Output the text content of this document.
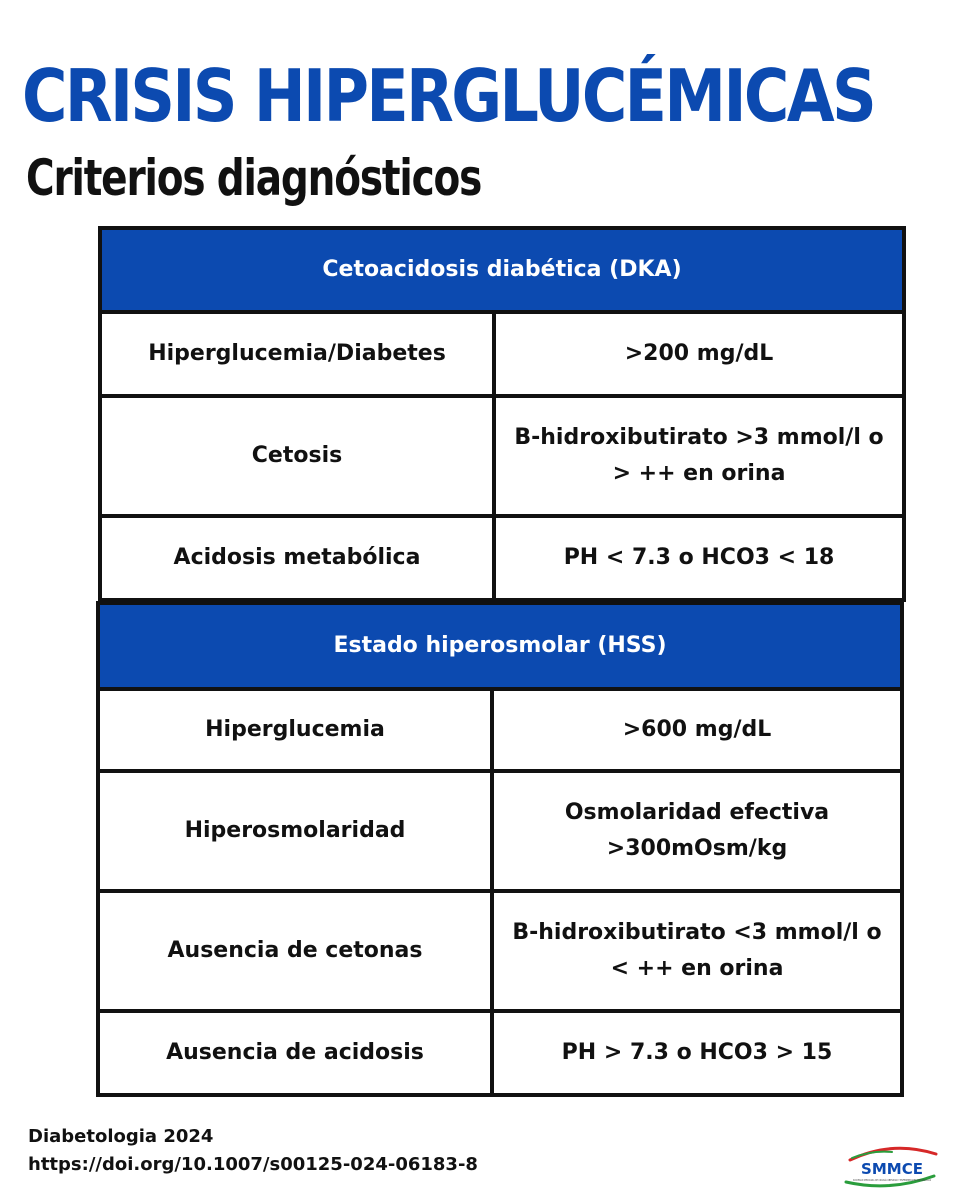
CRISIS HIPERGLUCÉMICAS
Criterios diagnósticos
Cetoacidosis diabética (DKA)	
Hiperglucemia/Diabetes	>200 mg/dL
Cetosis	B-hidroxibutirato >3 mmol/l o > ++ en orina
Acidosis metabólica	PH < 7.3 o HCO3 < 18
Estado hiperosmolar (HSS)	
Hiperglucemia	>600 mg/dL
Hiperosmolaridad	Osmolaridad efectiva >300mOsm/kg
Ausencia de cetonas	B-hidroxibutirato <3 mmol/l o < ++ en orina
Ausencia de acidosis	PH > 7.3 o HCO3 > 15

Diabetologia 2024

https://doi.org/10.1007/s00125-024-06183-8	SMMCE
SOCIEDAD MEXICANA DE CIRUGÍA OBESIDAD Y ENFERMEDADES METABÓLICAS
